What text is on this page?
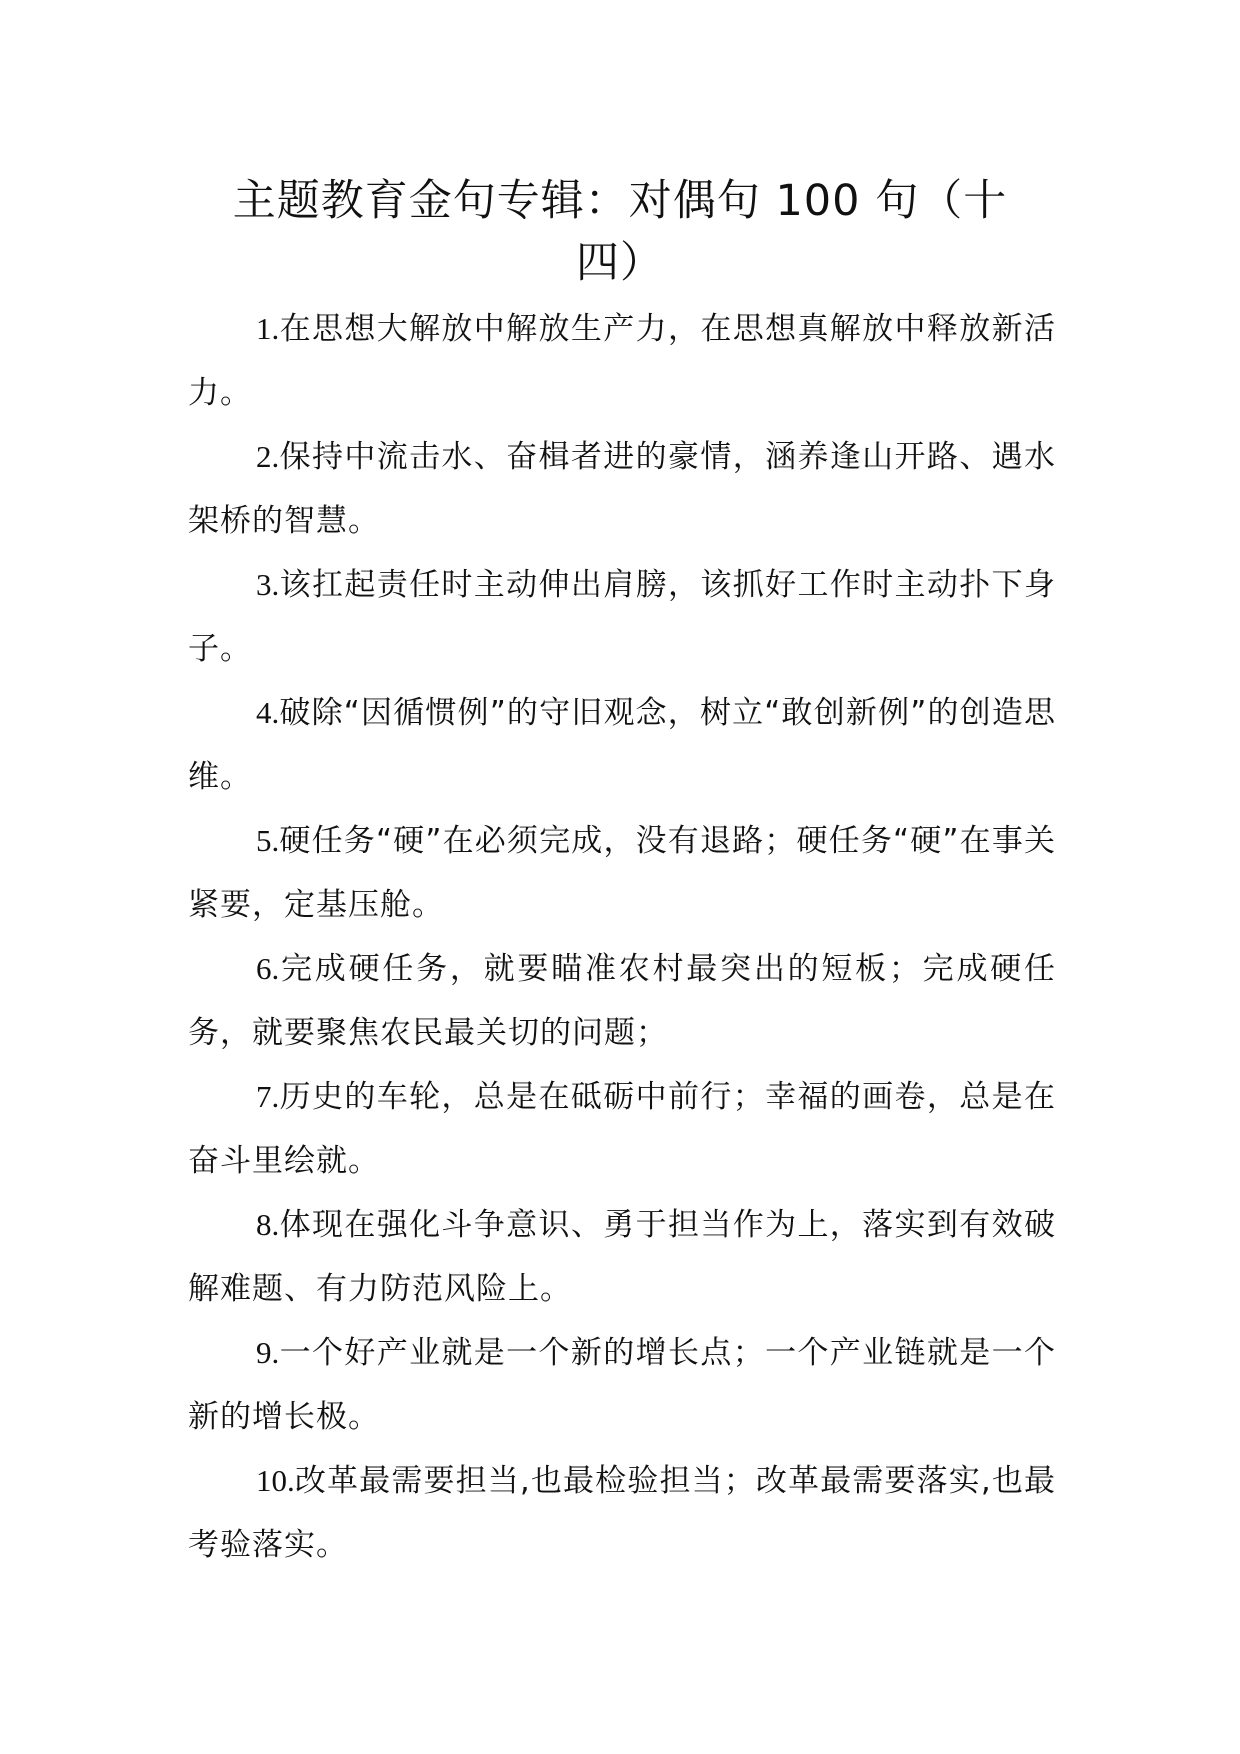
主题教育金句专辑：对偶句 100 句（十四）

1.在思想大解放中解放生产力，在思想真解放中释放新活力。

2.保持中流击水、奋楫者进的豪情，涵养逢山开路、遇水架桥的智慧。

3.该扛起责任时主动伸出肩膀，该抓好工作时主动扑下身子。

4.破除“因循惯例”的守旧观念，树立“敢创新例”的创造思维。

5.硬任务“硬”在必须完成，没有退路；硬任务“硬”在事关紧要，定基压舱。

6.完成硬任务，就要瞄准农村最突出的短板；完成硬任务，就要聚焦农民最关切的问题；

7.历史的车轮，总是在砥砺中前行；幸福的画卷，总是在奋斗里绘就。

8.体现在强化斗争意识、勇于担当作为上，落实到有效破解难题、有力防范风险上。

9.一个好产业就是一个新的增长点；一个产业链就是一个新的增长极。

10.改革最需要担当,也最检验担当；改革最需要落实,也最考验落实。
